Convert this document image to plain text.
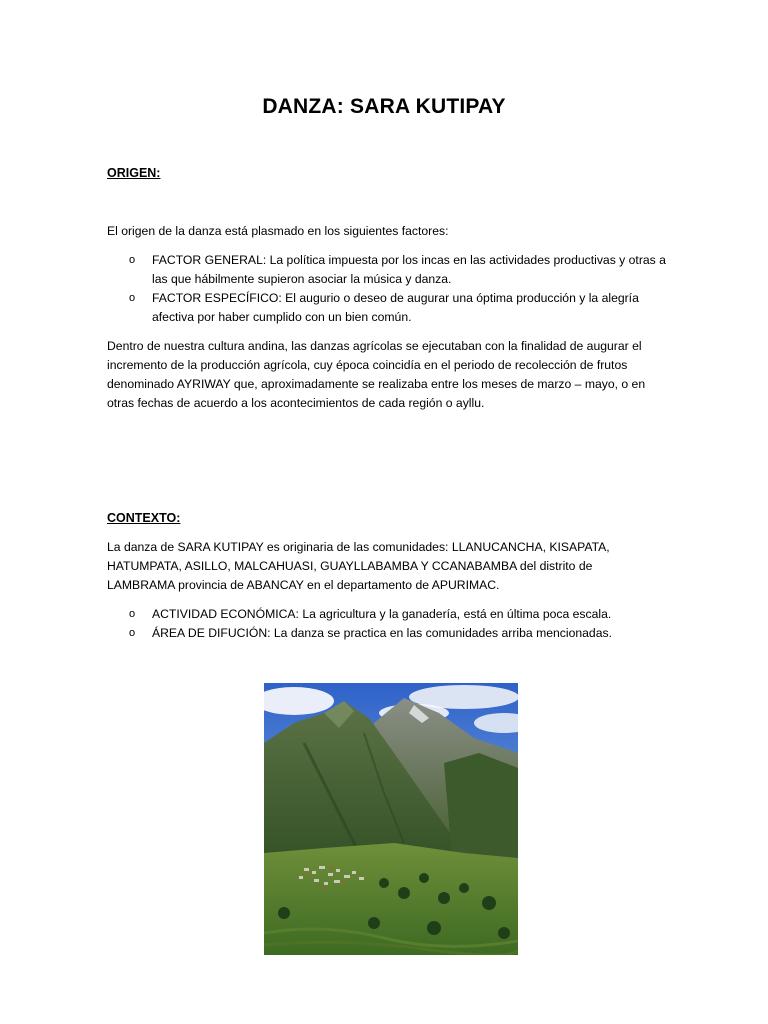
DANZA: SARA KUTIPAY
ORIGEN:
El origen de la danza está plasmado en los siguientes factores:
o FACTOR GENERAL: La política impuesta por los incas en las actividades productivas y otras a las que hábilmente supieron asociar la música y danza.
o FACTOR ESPECÍFICO: El augurio o deseo de augurar una óptima producción y la alegría afectiva por haber cumplido con un bien común.
Dentro de nuestra cultura andina, las danzas agrícolas se ejecutaban con la finalidad de augurar el incremento de la producción agrícola, cuy época coincidía en el periodo de recolección de frutos denominado AYRIWAY que, aproximadamente se realizaba entre los meses de marzo – mayo, o en otras fechas de acuerdo a los acontecimientos de cada región o ayllu.
CONTEXTO:
La danza de SARA KUTIPAY es originaria de las comunidades: LLANUCANCHA, KISAPATA, HATUMPATA, ASILLO, MALCAHUASI, GUAYLLABAMBA Y CCANABAMBA del distrito de LAMBRAMA provincia de ABANCAY en el departamento de APURIMAC.
o ACTIVIDAD ECONÓMICA: La agricultura y la ganadería, está en última poca escala.
o ÁREA DE DIFUCIÓN: La danza se practica en las comunidades arriba mencionadas.
